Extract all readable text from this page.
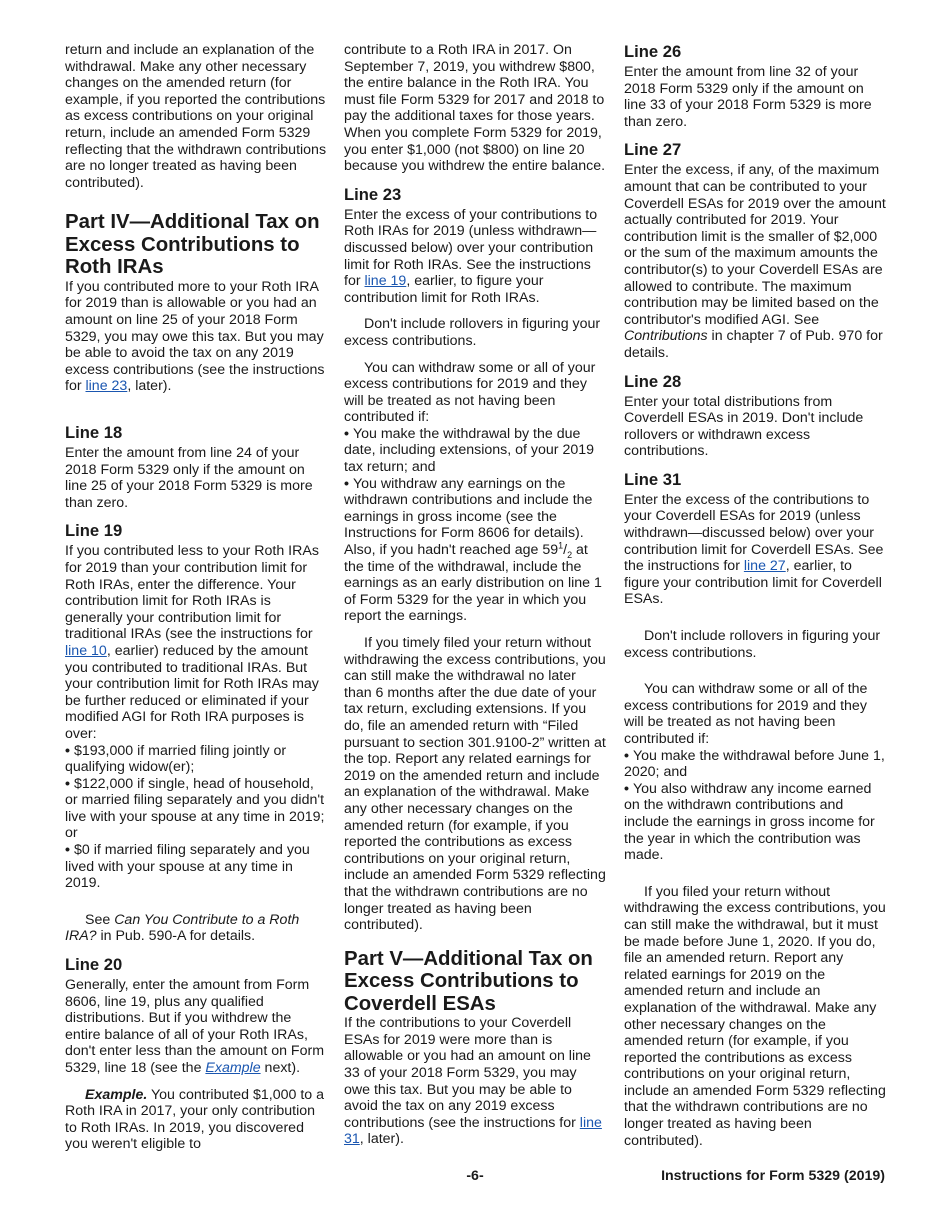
return and include an explanation of the withdrawal. Make any other necessary changes on the amended return (for example, if you reported the contributions as excess contributions on your original return, include an amended Form 5329 reflecting that the withdrawn contributions are no longer treated as having been contributed).

Part IV—Additional Tax on Excess Contributions to Roth IRAs

If you contributed more to your Roth IRA for 2019 than is allowable or you had an amount on line 25 of your 2018 Form 5329, you may owe this tax. But you may be able to avoid the tax on any 2019 excess contributions (see the instructions for line 23, later).

Line 18

Enter the amount from line 24 of your 2018 Form 5329 only if the amount on line 25 of your 2018 Form 5329 is more than zero.

Line 19

If you contributed less to your Roth IRAs for 2019 than your contribution limit for Roth IRAs, enter the difference. Your contribution limit for Roth IRAs is generally your contribution limit for traditional IRAs (see the instructions for line 10, earlier) reduced by the amount you contributed to traditional IRAs. But your contribution limit for Roth IRAs may be further reduced or eliminated if your modified AGI for Roth IRA purposes is over:

• $193,000 if married filing jointly or qualifying widow(er);

• $122,000 if single, head of household, or married filing separately and you didn't live with your spouse at any time in 2019; or

• $0 if married filing separately and you lived with your spouse at any time in 2019.

See Can You Contribute to a Roth IRA? in Pub. 590-A for details.

Line 20

Generally, enter the amount from Form 8606, line 19, plus any qualified distributions. But if you withdrew the entire balance of all of your Roth IRAs, don't enter less than the amount on Form 5329, line 18 (see the Example next).

Example. You contributed $1,000 to a Roth IRA in 2017, your only contribution to Roth IRAs. In 2019, you discovered you weren't eligible to

contribute to a Roth IRA in 2017. On September 7, 2019, you withdrew $800, the entire balance in the Roth IRA. You must file Form 5329 for 2017 and 2018 to pay the additional taxes for those years. When you complete Form 5329 for 2019, you enter $1,000 (not $800) on line 20 because you withdrew the entire balance.

Line 23

Enter the excess of your contributions to Roth IRAs for 2019 (unless withdrawn—discussed below) over your contribution limit for Roth IRAs. See the instructions for line 19, earlier, to figure your contribution limit for Roth IRAs.

Don't include rollovers in figuring your excess contributions.

You can withdraw some or all of your excess contributions for 2019 and they will be treated as not having been contributed if:

• You make the withdrawal by the due date, including extensions, of your 2019 tax return; and

• You withdraw any earnings on the withdrawn contributions and include the earnings in gross income (see the Instructions for Form 8606 for details). Also, if you hadn't reached age $59^1/_2$ at the time of the withdrawal, include the earnings as an early distribution on line 1 of Form 5329 for the year in which you report the earnings.

If you timely filed your return without withdrawing the excess contributions, you can still make the withdrawal no later than 6 months after the due date of your tax return, excluding extensions. If you do, file an amended return with “Filed pursuant to section 301.9100-2” written at the top. Report any related earnings for 2019 on the amended return and include an explanation of the withdrawal. Make any other necessary changes on the amended return (for example, if you reported the contributions as excess contributions on your original return, include an amended Form 5329 reflecting that the withdrawn contributions are no longer treated as having been contributed).

Part V—Additional Tax on Excess Contributions to Coverdell ESAs

If the contributions to your Coverdell ESAs for 2019 were more than is allowable or you had an amount on line 33 of your 2018 Form 5329, you may owe this tax. But you may be able to avoid the tax on any 2019 excess contributions (see the instructions for line 31, later).

Line 26

Enter the amount from line 32 of your 2018 Form 5329 only if the amount on line 33 of your 2018 Form 5329 is more than zero.

Line 27

Enter the excess, if any, of the maximum amount that can be contributed to your Coverdell ESAs for 2019 over the amount actually contributed for 2019. Your contribution limit is the smaller of $2,000 or the sum of the maximum amounts the contributor(s) to your Coverdell ESAs are allowed to contribute. The maximum contribution may be limited based on the contributor's modified AGI. See Contributions in chapter 7 of Pub. 970 for details.

Line 28

Enter your total distributions from Coverdell ESAs in 2019. Don't include rollovers or withdrawn excess contributions.

Line 31

Enter the excess of the contributions to your Coverdell ESAs for 2019 (unless withdrawn—discussed below) over your contribution limit for Coverdell ESAs. See the instructions for line 27, earlier, to figure your contribution limit for Coverdell ESAs.

Don't include rollovers in figuring your excess contributions.

You can withdraw some or all of the excess contributions for 2019 and they will be treated as not having been contributed if:

• You make the withdrawal before June 1, 2020; and

• You also withdraw any income earned on the withdrawn contributions and include the earnings in gross income for the year in which the contribution was made.

If you filed your return without withdrawing the excess contributions, you can still make the withdrawal, but it must be made before June 1, 2020. If you do, file an amended return. Report any related earnings for 2019 on the amended return and include an explanation of the withdrawal. Make any other necessary changes on the amended return (for example, if you reported the contributions as excess contributions on your original return, include an amended Form 5329 reflecting that the withdrawn contributions are no longer treated as having been contributed).

-6-	Instructions for Form 5329 (2019)
